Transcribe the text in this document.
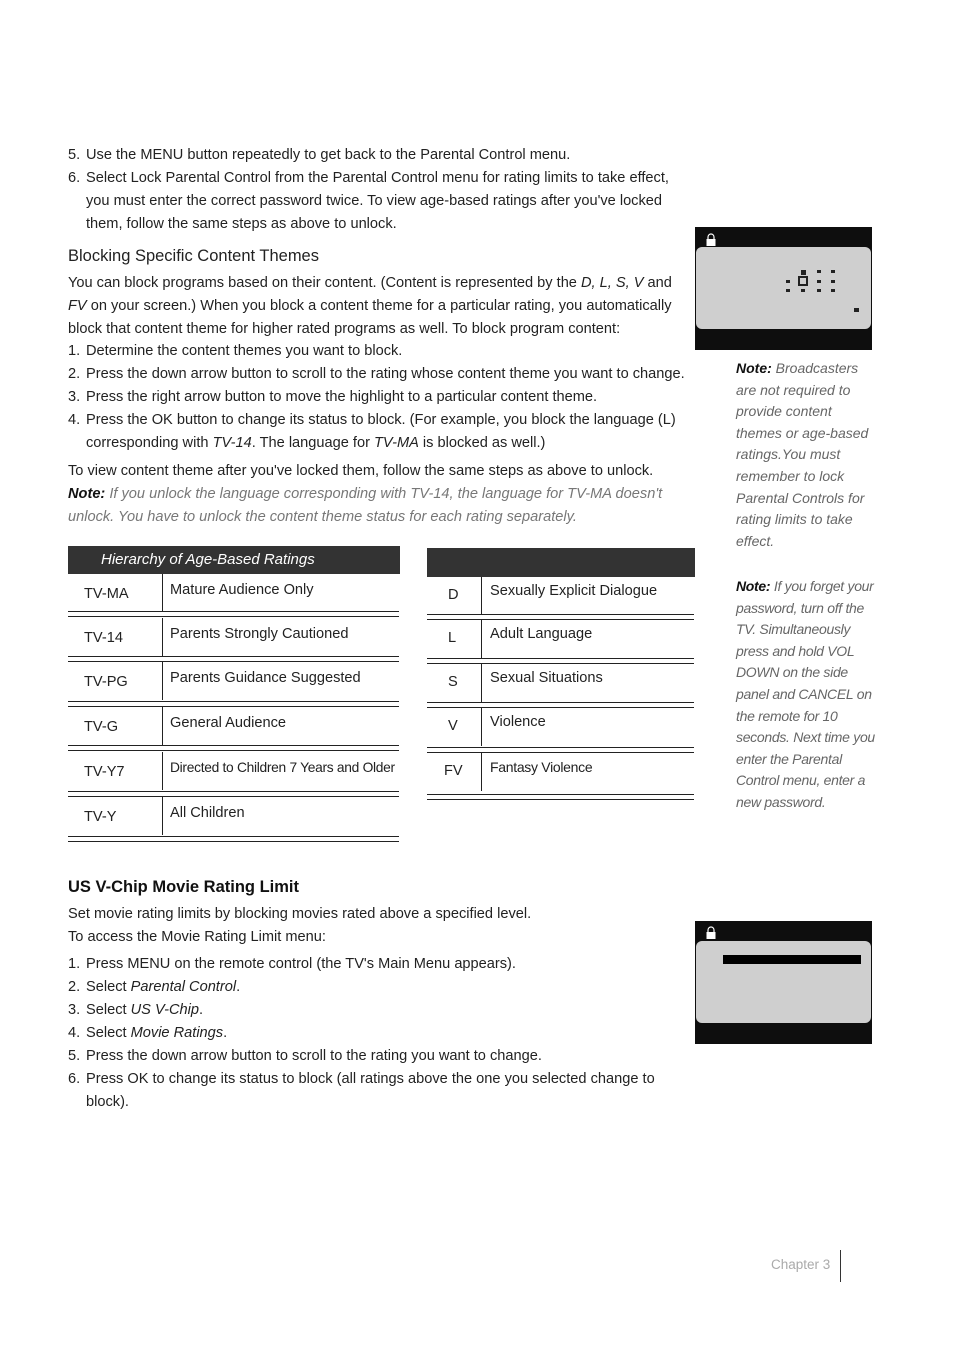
5. Use the MENU button repeatedly to get back to the Parental Control menu.
6. Select Lock Parental Control from the Parental Control menu for rating limits to take effect, you must enter the correct password twice. To view age-based ratings after you've locked them, follow the same steps as above to unlock.
Blocking Specific Content Themes
You can block programs based on their content. (Content is represented by the D, L, S, V and FV on your screen.) When you block a content theme for a particular rating, you automatically block that content theme for higher rated programs as well. To block program content:
1. Determine the content themes you want to block.
2. Press the down arrow button to scroll to the rating whose content theme you want to change.
3. Press the right arrow button to move the highlight to a particular content theme.
4. Press the OK button to change its status to block. (For example, you block the language (L) corresponding with TV-14. The language for TV-MA is blocked as well.)
To view content theme after you've locked them, follow the same steps as above to unlock.
Note: If you unlock the language corresponding with TV-14, the language for TV-MA doesn't unlock. You have to unlock the content theme status for each rating separately.
Hierarchy of Age-Based Ratings
TV-MA	Mature Audience Only
TV-14	Parents Strongly Cautioned
TV-PG	Parents Guidance Suggested
TV-G	General Audience
TV-Y7	Directed to Children 7 Years and Older
TV-Y	All Children
D Sexually Explicit Dialogue
L Adult Language
S Sexual Situations
V Violence
FV Fantasy Violence
Note: Broadcasters are not required to provide content themes or age-based ratings.You must remember to lock Parental Controls for rating limits to take effect.
Note: If you forget your password, turn off the TV. Simultaneously press and hold VOL DOWN on the side panel and CANCEL on the remote for 10 seconds. Next time you enter the Parental Control menu, enter a new password.
US V-Chip Movie Rating Limit
Set movie rating limits by blocking movies rated above a specified level.
To access the Movie Rating Limit menu:
1. Press MENU on the remote control (the TV's Main Menu appears).
2. Select Parental Control.
3. Select US V-Chip.
4. Select Movie Ratings.
5. Press the down arrow button to scroll to the rating you want to change.
6. Press OK to change its status to block (all ratings above the one you selected change to block).
Chapter 3
